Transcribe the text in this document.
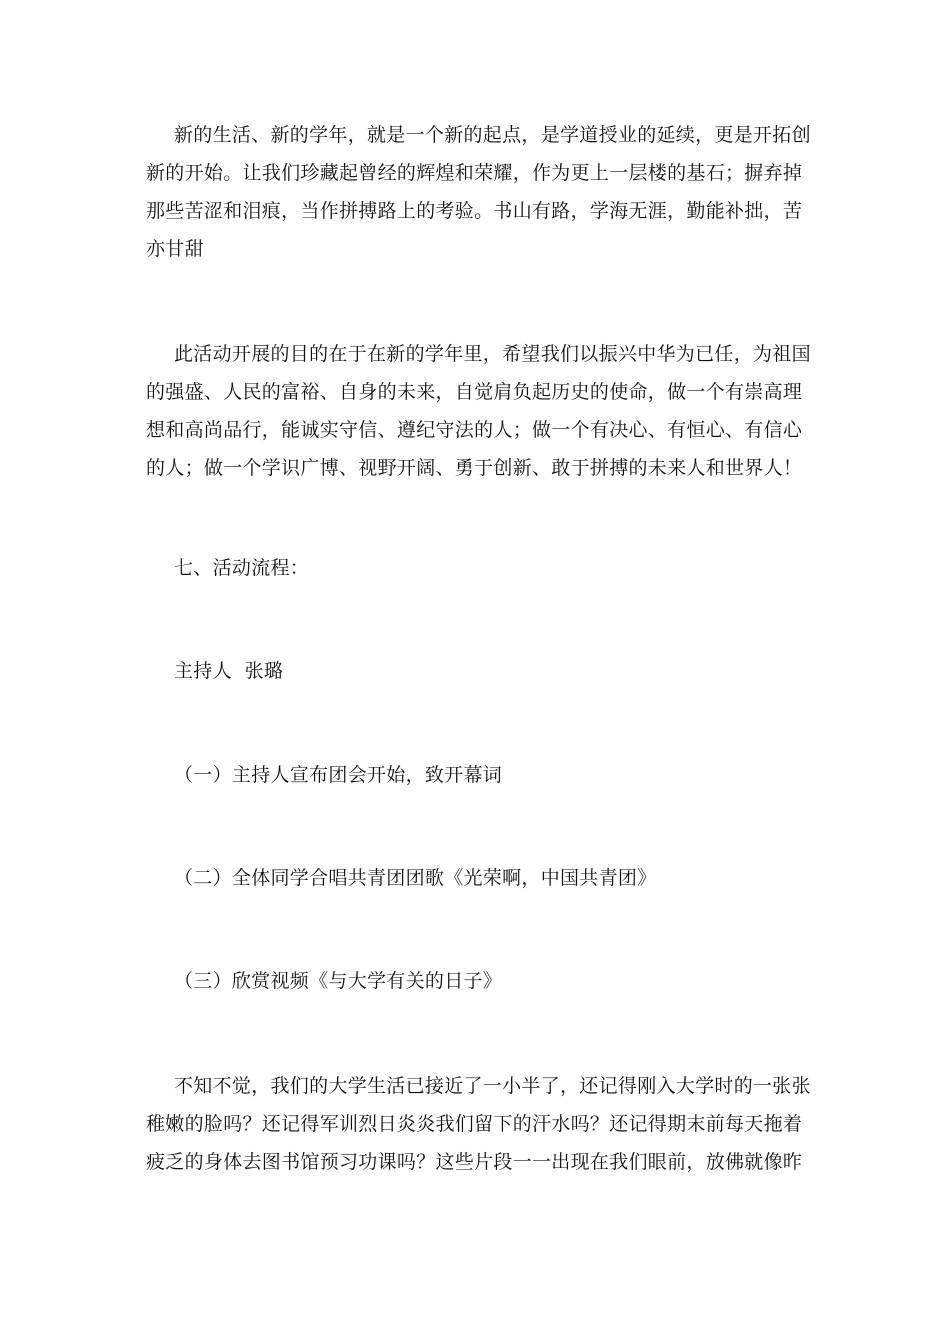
新的生活、新的学年，就是一个新的起点，是学道授业的延续，更是开拓创
新的开始。让我们珍藏起曾经的辉煌和荣耀，作为更上一层楼的基石；摒弃掉
那些苦涩和泪痕，当作拼搏路上的考验。书山有路，学海无涯，勤能补拙，苦
亦甘甜
此活动开展的目的在于在新的学年里，希望我们以振兴中华为已任，为祖国
的强盛、人民的富裕、自身的未来，自觉肩负起历史的使命，做一个有崇高理
想和高尚品行，能诚实守信、遵纪守法的人；做一个有决心、有恒心、有信心
的人；做一个学识广博、视野开阔、勇于创新、敢于拼搏的未来人和世界人！
七、活动流程：
主持人  张璐
（一）主持人宣布团会开始，致开幕词
（二）全体同学合唱共青团团歌《光荣啊，中国共青团》
（三）欣赏视频《与大学有关的日子》
不知不觉，我们的大学生活已接近了一小半了，还记得刚入大学时的一张张
稚嫩的脸吗？还记得军训烈日炎炎我们留下的汗水吗？还记得期末前每天拖着
疲乏的身体去图书馆预习功课吗？这些片段一一出现在我们眼前，放佛就像昨
